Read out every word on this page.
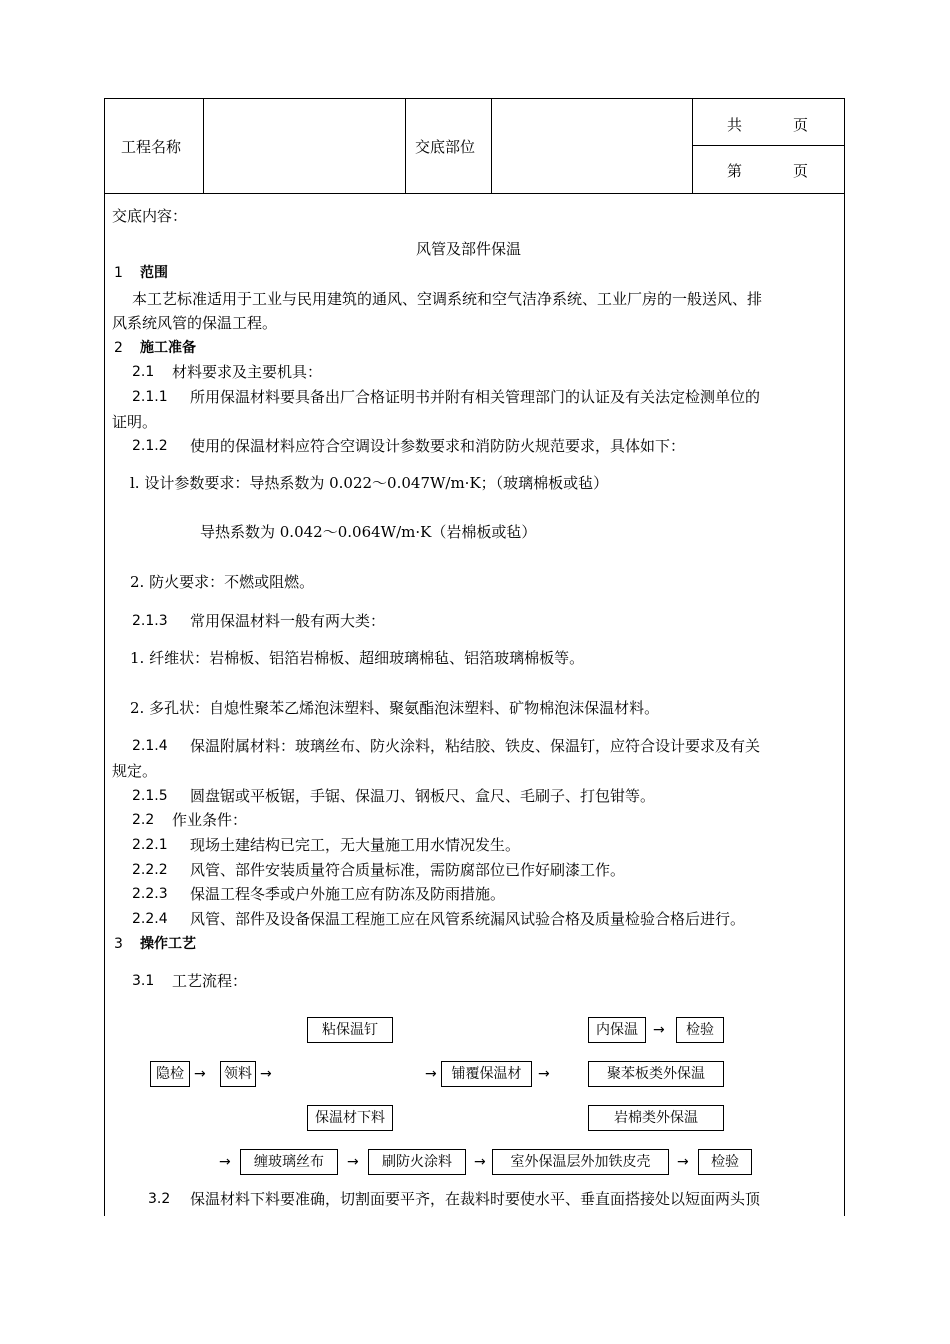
工程名称	交底部位
共	页
第	页
交底内容：
风管及部件保温
1 范围
本工艺标准适用于工业与民用建筑的通风、空调系统和空气洁净系统、工业厂房的一般送风、排
风系统风管的保温工程。
2 施工准备
2.1 材料要求及主要机具：
2.1.1 所用保温材料要具备出厂合格证明书并附有相关管理部门的认证及有关法定检测单位的
证明。
2.1.2 使用的保温材料应符合空调设计参数要求和消防防火规范要求，具体如下：
l. 设计参数要求：导热系数为 0.022～0.047W/m·K；（玻璃棉板或毡）
导热系数为 0.042～0.064W/m·K（岩棉板或毡）
2. 防火要求：不燃或阻燃。
2.1.3 常用保温材料一般有两大类：
1. 纤维状：岩棉板、铝箔岩棉板、超细玻璃棉毡、铝箔玻璃棉板等。
2. 多孔状：自熄性聚苯乙烯泡沫塑料、聚氨酯泡沫塑料、矿物棉泡沫保温材料。
2.1.4 保温附属材料：玻璃丝布、防火涂料，粘结胶、铁皮、保温钉，应符合设计要求及有关
规定。
2.1.5 圆盘锯或平板锯，手锯、保温刀、钢板尺、盒尺、毛刷子、打包钳等。
2.2 作业条件：
2.2.1 现场土建结构已完工，无大量施工用水情况发生。
2.2.2 风管、部件安装质量符合质量标准，需防腐部位已作好刷漆工作。
2.2.3 保温工程冬季或户外施工应有防冻及防雨措施。
2.2.4 风管、部件及设备保温工程施工应在风管系统漏风试验合格及质量检验合格后进行。
3 操作工艺
3.1 工艺流程：
粘保温钉
隐检 → 领料 →
保温材下料
→	铺覆保温材	→
内保温	→	检验
聚苯板类外保温
岩棉类外保温
→	缠玻璃丝布	→	刷防火涂料	→	室外保温层外加铁皮壳	→	检验
3.2 保温材料下料要准确，切割面要平齐，在裁料时要使水平、垂直面搭接处以短面两头顶
